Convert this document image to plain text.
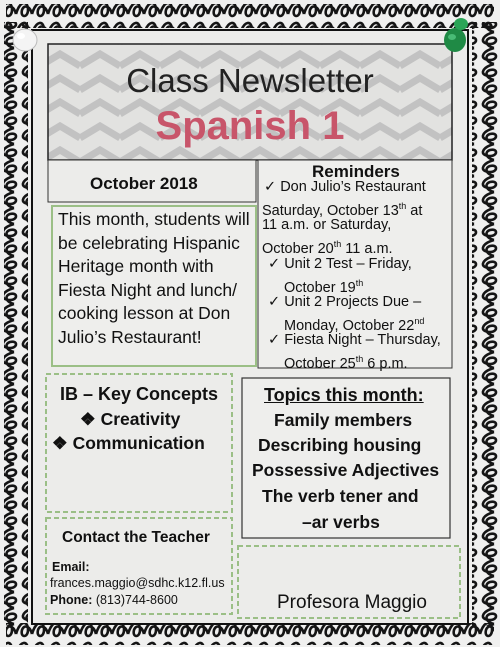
Class Newsletter
Spanish 1
October 2018
This month, students will be celebrating Hispanic Heritage month with Fiesta Night and lunch/ cooking lesson at Don Julio’s Restaurant!
Reminders
✓ Don Julio’s Restaurant
Saturday, October 13th at
11 a.m. or Saturday,
October 20th 11 a.m.
✓ Unit 2 Test – Friday,
October 19th
✓ Unit 2 Projects Due –
Monday, October 22nd
✓ Fiesta Night – Thursday,
October 25th 6 p.m.
IB – Key Concepts
❖ Creativity
❖ Communication
Topics this month:
Family members
Describing housing
Possessive Adjectives
The verb tener and
–ar verbs
Contact the Teacher
Email:
frances.maggio@sdhc.k12.fl.us
Phone: (813)744-8600	Profesora Maggio
